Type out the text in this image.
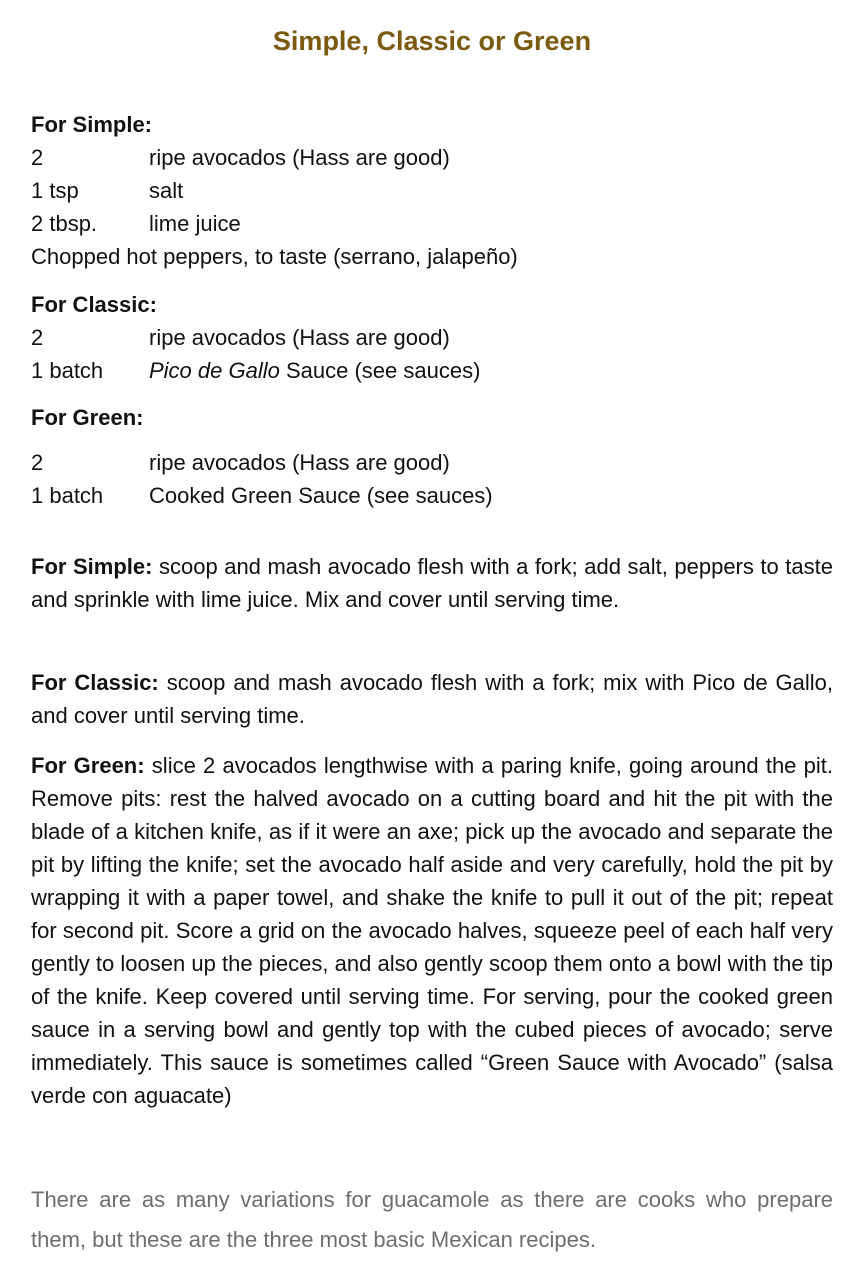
Simple, Classic or Green
For Simple:
2	ripe avocados (Hass are good)
1 tsp	salt
2 tbsp.	lime juice
Chopped hot peppers, to taste (serrano, jalapeño)
For Classic:
2	ripe avocados (Hass are good)
1 batch	Pico de Gallo Sauce (see sauces)
For Green:
2	ripe avocados (Hass are good)
1 batch	Cooked Green Sauce (see sauces)
For Simple: scoop and mash avocado flesh with a fork; add salt, peppers to taste and sprinkle with lime juice. Mix and cover until serving time.
For Classic: scoop and mash avocado flesh with a fork; mix with Pico de Gallo, and cover until serving time.
For Green: slice 2 avocados lengthwise with a paring knife, going around the pit. Remove pits: rest the halved avocado on a cutting board and hit the pit with the blade of a kitchen knife, as if it were an axe; pick up the avocado and separate the pit by lifting the knife; set the avocado half aside and very carefully, hold the pit by wrapping it with a paper towel, and shake the knife to pull it out of the pit; repeat for second pit. Score a grid on the avocado halves, squeeze peel of each half very gently to loosen up the pieces, and also gently scoop them onto a bowl with the tip of the knife. Keep covered until serving time. For serving, pour the cooked green sauce in a serving bowl and gently top with the cubed pieces of avocado; serve immediately. This sauce is sometimes called “Green Sauce with Avocado” (salsa verde con aguacate)
There are as many variations for guacamole as there are cooks who prepare them, but these are the three most basic Mexican recipes.
